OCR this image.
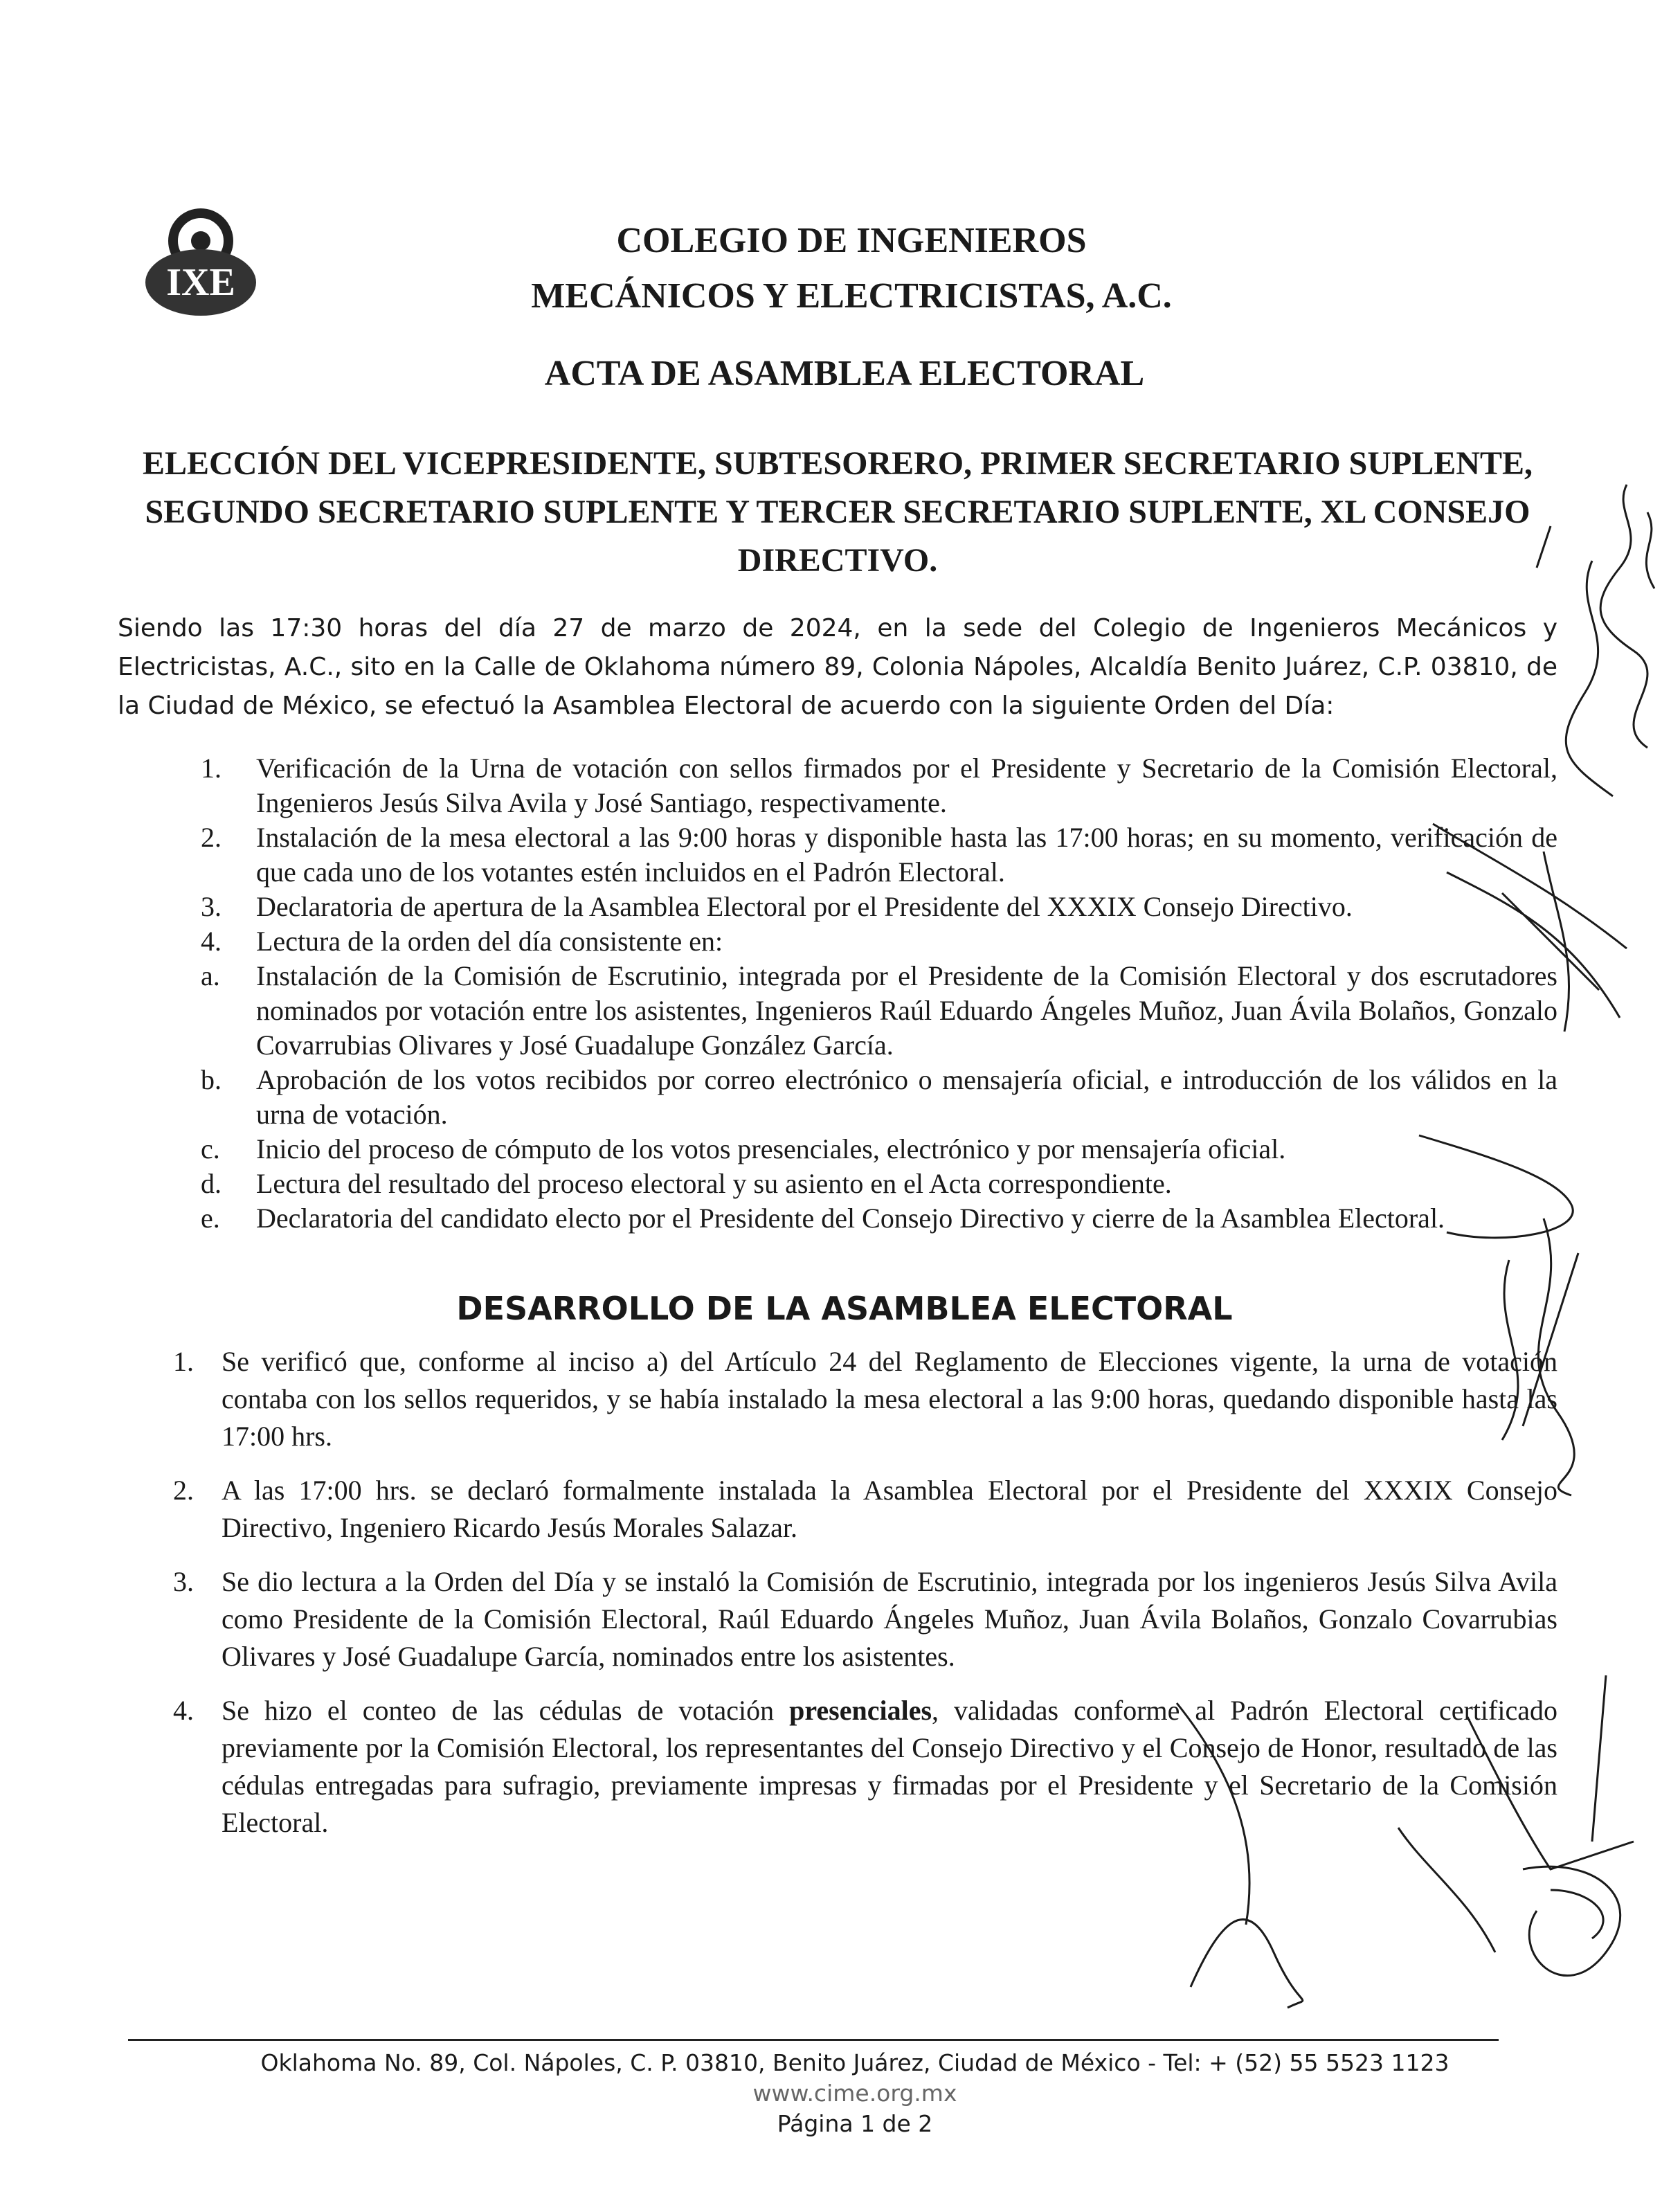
IXE
COLEGIO DE INGENIEROS
MECÁNICOS Y ELECTRICISTAS, A.C.
ACTA DE ASAMBLEA ELECTORAL
ELECCIÓN DEL VICEPRESIDENTE, SUBTESORERO, PRIMER SECRETARIO SUPLENTE, SEGUNDO SECRETARIO SUPLENTE Y TERCER SECRETARIO SUPLENTE, XL CONSEJO DIRECTIVO.
Siendo las 17:30 horas del día 27 de marzo de 2024, en la sede del Colegio de Ingenieros Mecánicos y Electricistas, A.C., sito en la Calle de Oklahoma número 89, Colonia Nápoles, Alcaldía Benito Juárez, C.P. 03810, de la Ciudad de México, se efectuó la Asamblea Electoral de acuerdo con la siguiente Orden del Día:
1. Verificación de la Urna de votación con sellos firmados por el Presidente y Secretario de la Comisión Electoral, Ingenieros Jesús Silva Avila y José Santiago, respectivamente.
2. Instalación de la mesa electoral a las 9:00 horas y disponible hasta las 17:00 horas; en su momento, verificación de que cada uno de los votantes estén incluidos en el Padrón Electoral.
3. Declaratoria de apertura de la Asamblea Electoral por el Presidente del XXXIX Consejo Directivo.
4. Lectura de la orden del día consistente en:
a. Instalación de la Comisión de Escrutinio, integrada por el Presidente de la Comisión Electoral y dos escrutadores nominados por votación entre los asistentes, Ingenieros Raúl Eduardo Ángeles Muñoz, Juan Ávila Bolaños, Gonzalo Covarrubias Olivares y José Guadalupe González García.
b. Aprobación de los votos recibidos por correo electrónico o mensajería oficial, e introducción de los válidos en la urna de votación.
c. Inicio del proceso de cómputo de los votos presenciales, electrónico y por mensajería oficial.
d. Lectura del resultado del proceso electoral y su asiento en el Acta correspondiente.
e. Declaratoria del candidato electo por el Presidente del Consejo Directivo y cierre de la Asamblea Electoral.
DESARROLLO DE LA ASAMBLEA ELECTORAL
1. Se verificó que, conforme al inciso a) del Artículo 24 del Reglamento de Elecciones vigente, la urna de votación contaba con los sellos requeridos, y se había instalado la mesa electoral a las 9:00 horas, quedando disponible hasta las 17:00 hrs.
2. A las 17:00 hrs. se declaró formalmente instalada la Asamblea Electoral por el Presidente del XXXIX Consejo Directivo, Ingeniero Ricardo Jesús Morales Salazar.
3. Se dio lectura a la Orden del Día y se instaló la Comisión de Escrutinio, integrada por los ingenieros Jesús Silva Avila como Presidente de la Comisión Electoral, Raúl Eduardo Ángeles Muñoz, Juan Ávila Bolaños, Gonzalo Covarrubias Olivares y José Guadalupe García, nominados entre los asistentes.
4. Se hizo el conteo de las cédulas de votación presenciales, validadas conforme al Padrón Electoral certificado previamente por la Comisión Electoral, los representantes del Consejo Directivo y el Consejo de Honor, resultado de las cédulas entregadas para sufragio, previamente impresas y firmadas por el Presidente y el Secretario de la Comisión Electoral.
Oklahoma No. 89, Col. Nápoles, C. P. 03810, Benito Juárez, Ciudad de México - Tel: + (52) 55 5523 1123
www.cime.org.mx
Página 1 de 2
